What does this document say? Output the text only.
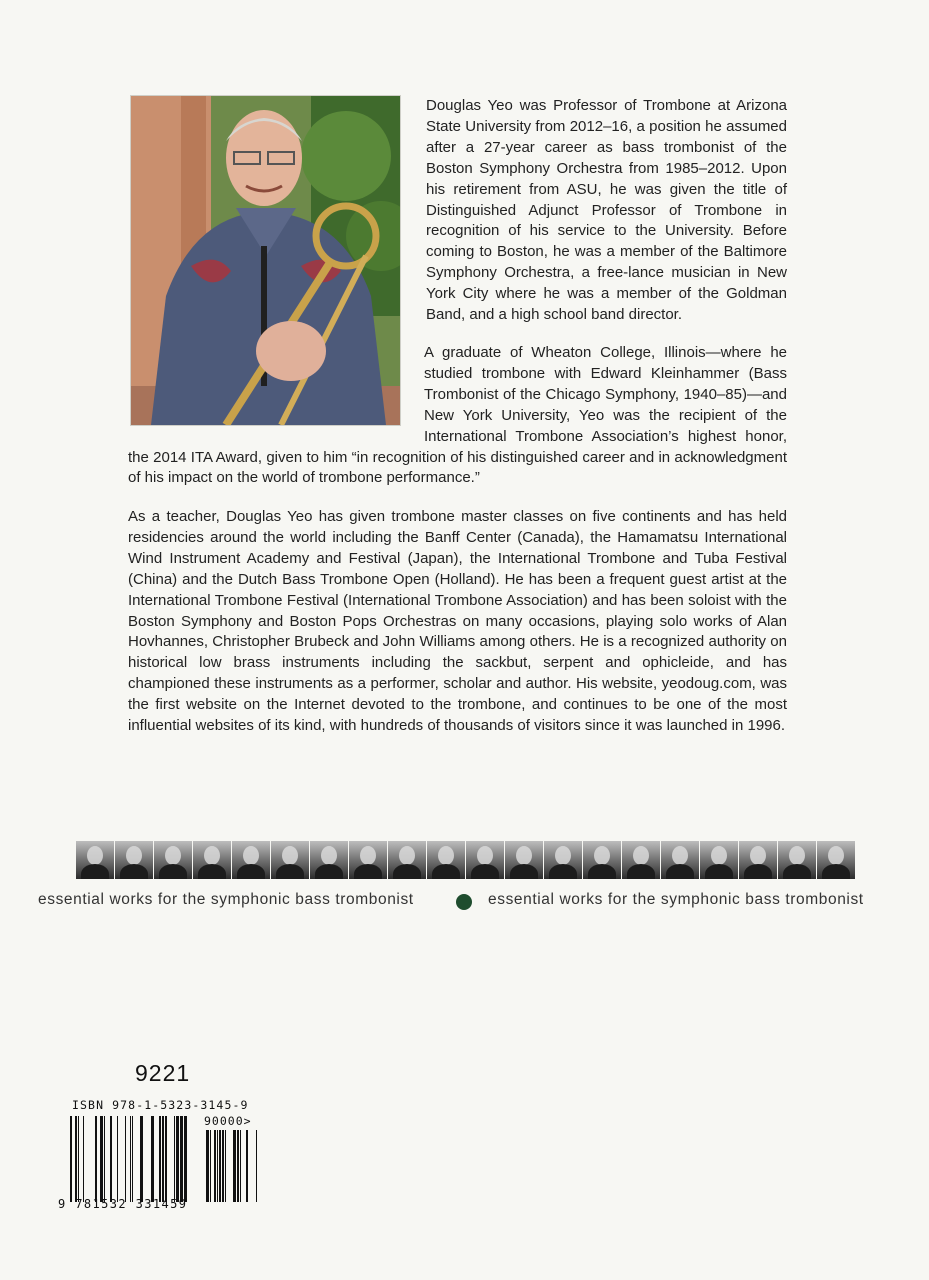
Douglas Yeo was Professor of Trombone at Arizona State University from 2012–16, a position he assumed after a 27-year career as bass trombonist of the Boston Symphony Orchestra from 1985–2012. Upon his retirement from ASU, he was given the title of Distinguished Adjunct Professor of Trombone in recognition of his service to the University. Before coming to Boston, he was a member of the Baltimore Symphony Orchestra, a free-lance musician in New York City where he was a member of the Goldman Band, and a high school band director.
A graduate of Wheaton College, Illinois—where he studied trombone with Edward Kleinhammer (Bass Trombonist of the Chicago Symphony, 1940–85)—and New York University, Yeo was the recipient of the International Trombone Association’s highest honor, the 2014 ITA Award, given to him “in recognition of his distinguished career and in acknowledgment of his impact on the world of trombone performance.”
As a teacher, Douglas Yeo has given trombone master classes on five continents and has held residencies around the world including the Banff Center (Canada), the Hamamatsu International Wind Instrument Academy and Festival (Japan), the International Trombone and Tuba Festival (China) and the Dutch Bass Trombone Open (Holland). He has been a frequent guest artist at the International Trombone Festival (International Trombone Association) and has been soloist with the Boston Symphony and Boston Pops Orchestras on many occasions, playing solo works of Alan Hovhannes, Christopher Brubeck and John Williams among others. He is a recognized authority on historical low brass instruments including the sackbut, serpent and ophicleide, and has championed these instruments as a performer, scholar and author. His website, yeodoug.com, was the first website on the Internet devoted to the trombone, and continues to be one of the most influential websites of its kind, with hundreds of thousands of visitors since it was launched in 1996.
essential works for the symphonic bass trombonist	essential works for the symphonic bass trombonist
9221
ISBN 978-1-5323-3145-9
90000>
9 781532 331459
